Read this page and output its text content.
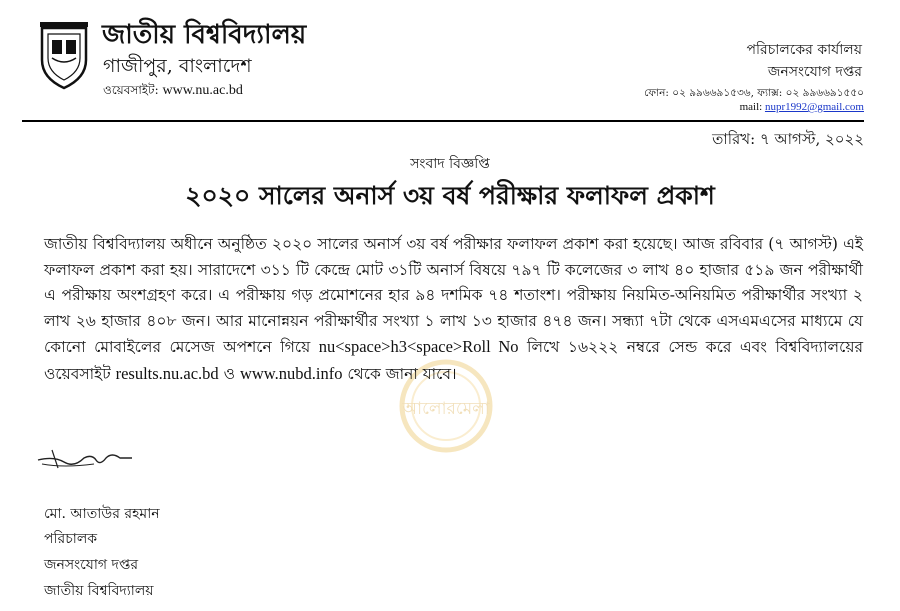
জাতীয় বিশ্ববিদ্যালয়
গাজীপুর, বাংলাদেশ
ওয়েবসাইট: www.nu.ac.bd
পরিচালকের কার্যালয়
জনসংযোগ দপ্তর
ফোন: ০২ ৯৯৬৬৯১৫৩৬, ফ্যাক্স: ০২ ৯৯৬৬৯১৫৫০
mail: nupr1992@gmail.com
তারিখ: ৭ আগস্ট, ২০২২
সংবাদ বিজ্ঞপ্তি
২০২০ সালের অনার্স ৩য় বর্ষ পরীক্ষার ফলাফল প্রকাশ
আলোরমেলা
জাতীয় বিশ্ববিদ্যালয় অধীনে অনুষ্ঠিত ২০২০ সালের অনার্স ৩য় বর্ষ পরীক্ষার ফলাফল প্রকাশ করা হয়েছে। আজ রবিবার (৭ আগস্ট) এই ফলাফল প্রকাশ করা হয়। সারাদেশে ৩১১ টি কেন্দ্রে মোট ৩১টি অনার্স বিষয়ে ৭৯৭ টি কলেজের ৩ লাখ ৪০ হাজার ৫১৯ জন পরীক্ষার্থী এ পরীক্ষায় অংশগ্রহণ করে। এ পরীক্ষায় গড় প্রমোশনের হার ৯৪ দশমিক ৭৪ শতাংশ। পরীক্ষায় নিয়মিত-অনিয়মিত পরীক্ষার্থীর সংখ্যা ২ লাখ ২৬ হাজার ৪০৮ জন। আর মানোন্নয়ন পরীক্ষার্থীর সংখ্যা ১ লাখ ১৩ হাজার ৪৭৪ জন। সন্ধ্যা ৭টা থেকে এসএমএসের মাধ্যমে যে কোনো মোবাইলের মেসেজ অপশনে গিয়ে nu<space>h3<space>Roll No লিখে ১৬২২২ নম্বরে সেন্ড করে এবং বিশ্ববিদ্যালয়ের ওয়েবসাইট results.nu.ac.bd ও www.nubd.info থেকে জানা যাবে।
মো. আতাউর রহমান
পরিচালক
জনসংযোগ দপ্তর
জাতীয় বিশ্ববিদ্যালয়
